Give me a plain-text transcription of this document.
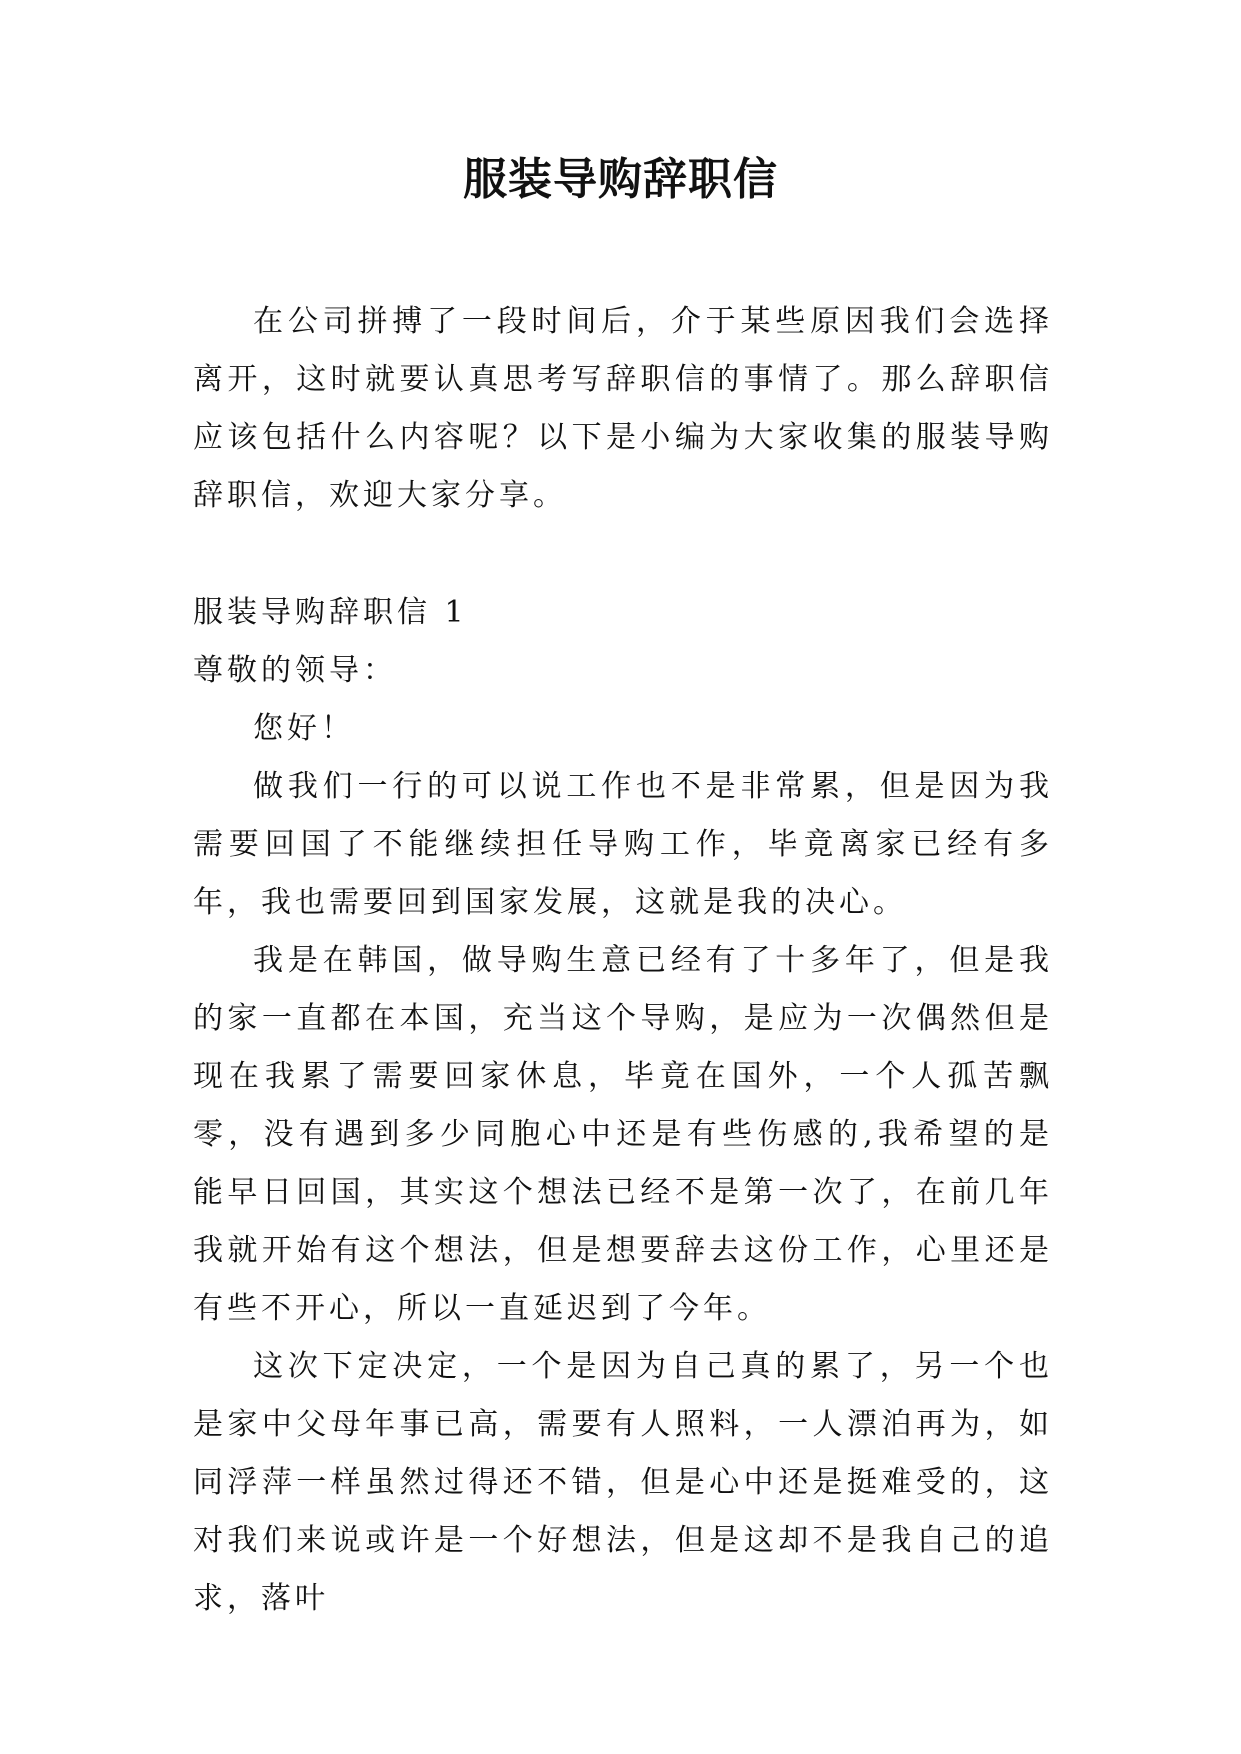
服装导购辞职信

在公司拼搏了一段时间后，介于某些原因我们会选择离开，这时就要认真思考写辞职信的事情了。那么辞职信应该包括什么内容呢？以下是小编为大家收集的服装导购辞职信，欢迎大家分享。

服装导购辞职信 1

尊敬的领导：

您好！

做我们一行的可以说工作也不是非常累，但是因为我需要回国了不能继续担任导购工作，毕竟离家已经有多年，我也需要回到国家发展，这就是我的决心。

我是在韩国，做导购生意已经有了十多年了，但是我的家一直都在本国，充当这个导购，是应为一次偶然但是现在我累了需要回家休息，毕竟在国外，一个人孤苦飘零，没有遇到多少同胞心中还是有些伤感的,我希望的是能早日回国，其实这个想法已经不是第一次了，在前几年我就开始有这个想法，但是想要辞去这份工作，心里还是有些不开心，所以一直延迟到了今年。

这次下定决定，一个是因为自己真的累了，另一个也是家中父母年事已高，需要有人照料，一人漂泊再为，如同浮萍一样虽然过得还不错，但是心中还是挺难受的，这对我们来说或许是一个好想法，但是这却不是我自己的追求，落叶
